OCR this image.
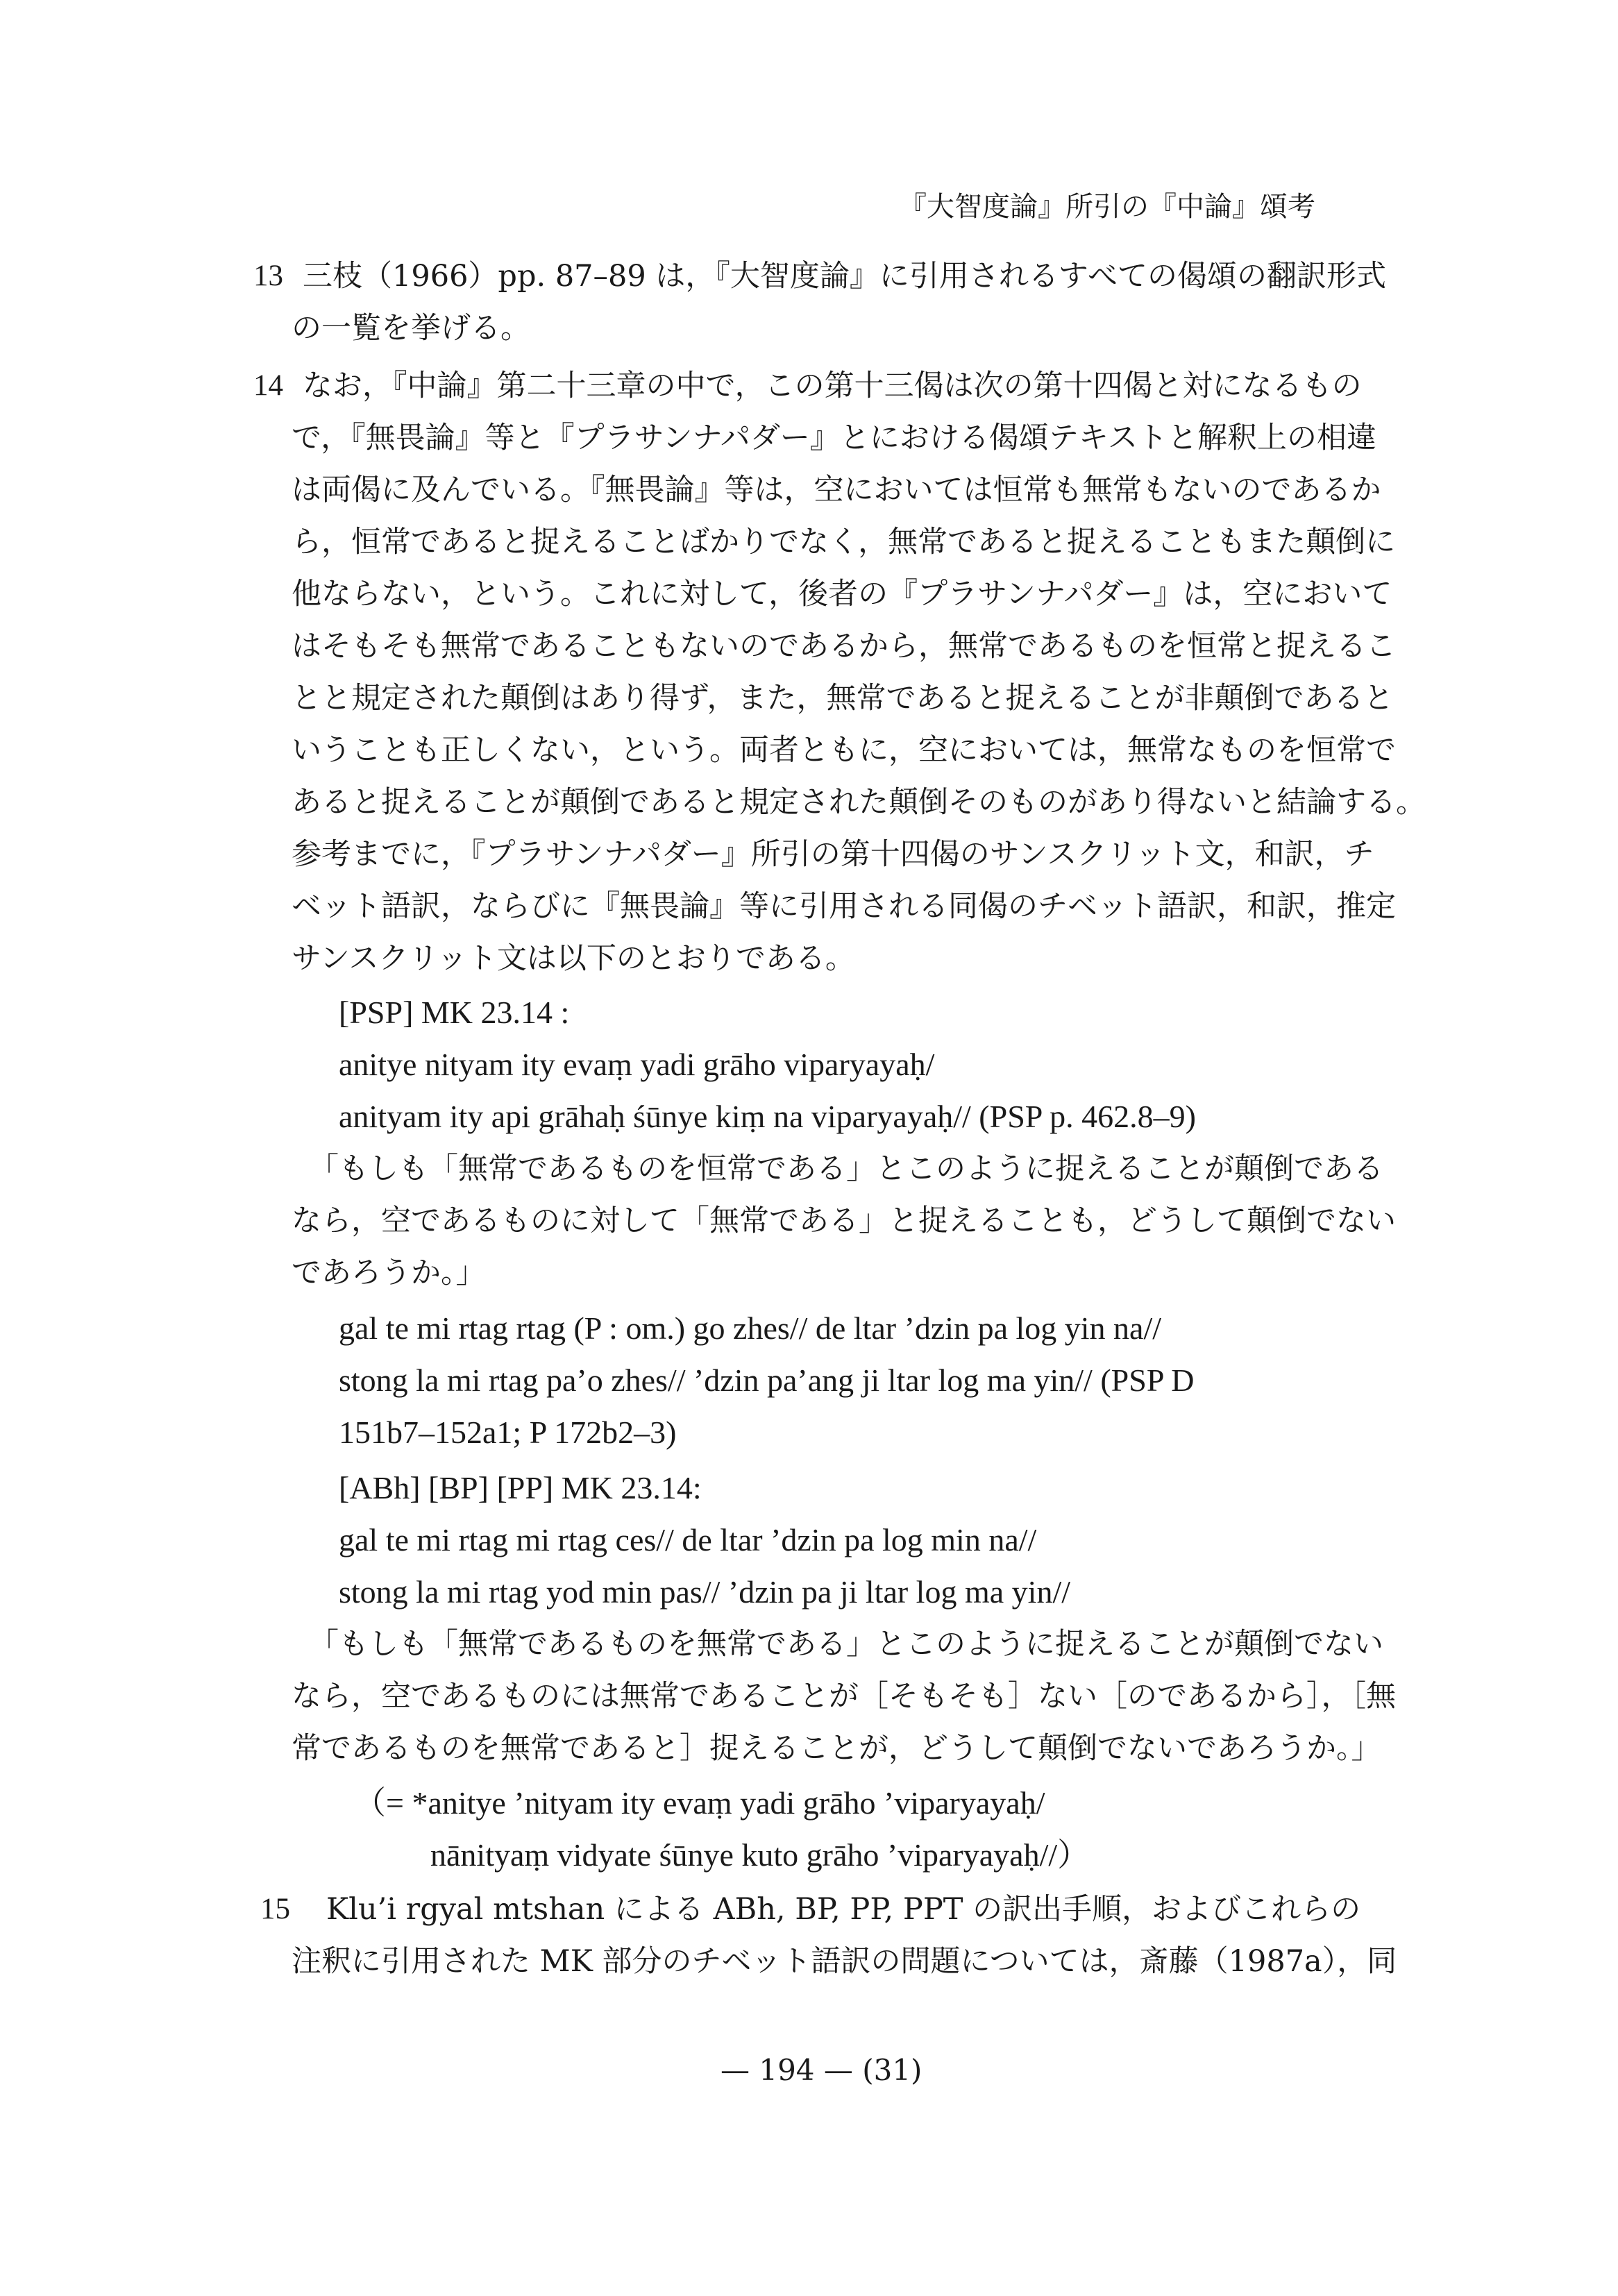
『大智度論』所引の『中論』頌考
13 三枝（1966）pp. 87–89 は，『大智度論』に引用されるすべての偈頌の翻訳形式
の一覧を挙げる。
14 なお，『中論』第二十三章の中で，この第十三偈は次の第十四偈と対になるもの
で，『無畏論』等と『プラサンナパダー』とにおける偈頌テキストと解釈上の相違
は両偈に及んでいる。『無畏論』等は，空においては恒常も無常もないのであるか
ら，恒常であると捉えることばかりでなく，無常であると捉えることもまた顛倒に
他ならない，という。これに対して，後者の『プラサンナパダー』は，空において
はそもそも無常であることもないのであるから，無常であるものを恒常と捉えるこ
とと規定された顛倒はあり得ず，また，無常であると捉えることが非顛倒であると
いうことも正しくない，という。両者ともに，空においては，無常なものを恒常で
あると捉えることが顛倒であると規定された顛倒そのものがあり得ないと結論する。
参考までに，『プラサンナパダー』所引の第十四偈のサンスクリット文，和訳，チ
ベット語訳，ならびに『無畏論』等に引用される同偈のチベット語訳，和訳，推定
サンスクリット文は以下のとおりである。
[PSP] MK 23.14 :
anitye nityam ity evaṃ yadi grāho viparyayaḥ/
anityam ity api grāhaḥ śūnye kiṃ na viparyayaḥ// (PSP p. 462.8–9)
「もしも「無常であるものを恒常である」とこのように捉えることが顛倒である
なら，空であるものに対して「無常である」と捉えることも，どうして顛倒でない
であろうか。」
gal te mi rtag rtag (P : om.) go zhes// de ltar ’dzin pa log yin na//
stong la mi rtag pa’o zhes// ’dzin pa’ang ji ltar log ma yin// (PSP D
151b7–152a1; P 172b2–3)
[ABh] [BP] [PP] MK 23.14:
gal te mi rtag mi rtag ces// de ltar ’dzin pa log min na//
stong la mi rtag yod min pas// ’dzin pa ji ltar log ma yin//
「もしも「無常であるものを無常である」とこのように捉えることが顛倒でない
なら，空であるものには無常であることが［そもそも］ない［のであるから］，［無
常であるものを無常であると］捉えることが，どうして顛倒でないであろうか。」
（= *anitye ’nityam ity evaṃ yadi grāho ’viparyayaḥ/
nānityaṃ vidyate śūnye kuto grāho ’viparyayaḥ//）
15 Klu’i rgyal mtshan による ABh, BP, PP, PPT の訳出手順，およびこれらの
注釈に引用された MK 部分のチベット語訳の問題については，斎藤（1987a），同
— 194 — (31)
